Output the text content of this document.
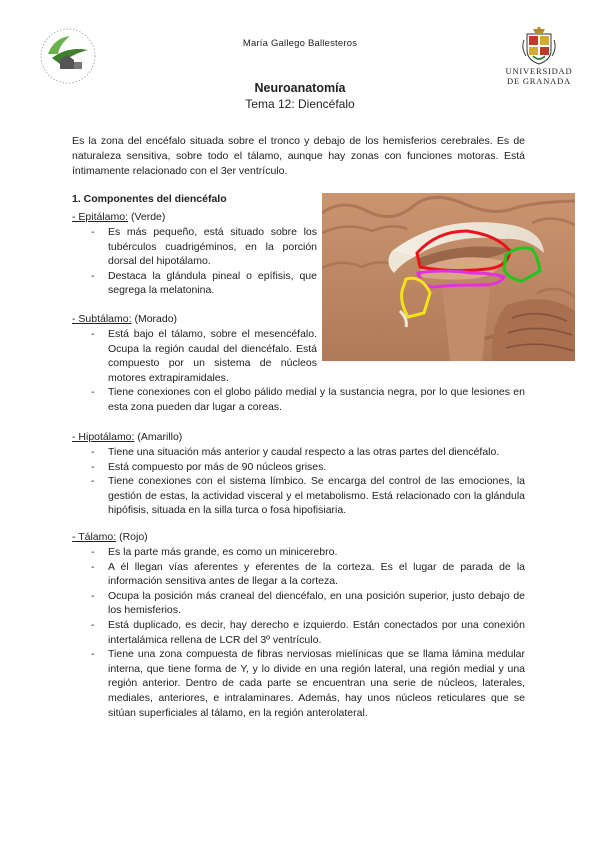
María Gallego Ballesteros
UNIVERSIDAD
DE GRANADA
Neuroanatomía
Tema 12: Diencéfalo

Es la zona del encéfalo situada sobre el tronco y debajo de los hemisferios cerebrales. Es de naturaleza sensitiva, sobre todo el tálamo, aunque hay zonas con funciones motoras. Está íntimamente relacionado con el 3er ventrículo.

1. Componentes del diencéfalo

- Epitálamo: (Verde)

- Es más pequeño, está situado sobre los tubérculos cuadrigéminos, en la porción dorsal del hipotálamo.
- Destaca la glándula pineal o epífisis, que segrega la melatonina.

- Subtálamo: (Morado)

- Está bajo el tálamo, sobre el mesencéfalo. Ocupa la región caudal del diencéfalo. Está compuesto por un sistema de núcleos motores extrapiramidales.
- Tiene conexiones con el globo pálido medial y la sustancia negra, por lo que lesiones en esta zona pueden dar lugar a coreas.

- Hipotálamo: (Amarillo)

- Tiene una situación más anterior y caudal respecto a las otras partes del diencéfalo.
- Está compuesto por más de 90 núcleos grises.
- Tiene conexiones con el sistema límbico. Se encarga del control de las emociones, la gestión de estas, la actividad visceral y el metabolismo. Está relacionado con la glándula hipófisis, situada en la silla turca o fosa hipofisiaria.

- Tálamo: (Rojo)

- Es la parte más grande, es como un minicerebro.
- A él llegan vías aferentes y eferentes de la corteza. Es el lugar de parada de la información sensitiva antes de llegar a la corteza.
- Ocupa la posición más craneal del diencéfalo, en una posición superior, justo debajo de los hemisferios.
- Está duplicado, es decir, hay derecho e izquierdo. Están conectados por una conexión intertalámica rellena de LCR del 3º ventrículo.
- Tiene una zona compuesta de fibras nerviosas mielínicas que se llama lámina medular interna, que tiene forma de Y, y lo divide en una región lateral, una región medial y una región anterior. Dentro de cada parte se encuentran una serie de núcleos, laterales, mediales, anteriores, e intralaminares. Además, hay unos núcleos reticulares que se sitúan superficiales al tálamo, en la región anterolateral.
